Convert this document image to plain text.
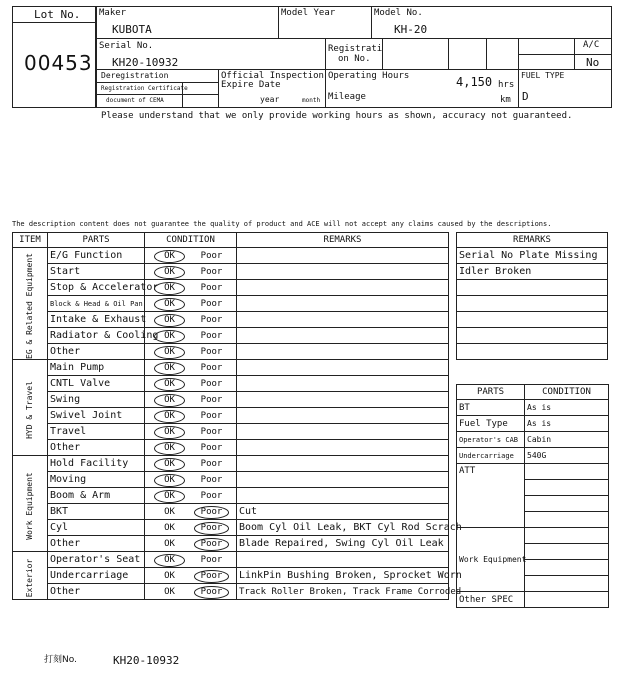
Lot No.
00453
Maker
KUBOTA
Model Year	Model No.
KH-20
Serial No.
KH20-10932
Registrati
on No.
A/C
No
Deregistration
Registration Certificate
document of CEMA
Official Inspection
Expire Date
year	month
Operating Hours	4,150 hrs
km
Mileage
FUEL TYPE
D
Please understand that we only provide working hours as shown, accuracy not guaranteed.
The description content does not guarantee the quality of product and ACE will not accept any claims caused by the descriptions.
ITEM	PARTS	CONDITION	REMARKS

EG & Related Equipment	E/G Function	OK Poor	
	Start	OK Poor	
	Stop & Accelerator	OK Poor	
	Block & Head & Oil Pan	OK Poor	
	Intake & Exhaust	OK Poor	
	Radiator & Cooling	OK Poor	
	Other	OK Poor	

HYD & Travel	Main Pump	OK Poor	
	CNTL Valve	OK Poor	
	Swing	OK Poor	
	Swivel Joint	OK Poor	
	Travel	OK Poor	
	Other	OK Poor	

Work Equipment	Hold Facility	OK Poor	
	Moving	OK Poor	
	Boom & Arm	OK Poor	
	BKT	OK Poor	Cut
	Cyl	OK Poor	Boom Cyl Oil Leak, BKT Cyl Rod Scrach
	Other	OK Poor	Blade Repaired, Swing Cyl Oil Leak

Exterior	Operator's Seat	OK Poor	
	Undercarriage	OK Poor	LinkPin Bushing Broken, Sprocket Worn
	Other	OK Poor	Track Roller Broken, Track Frame Corroded
REMARKS
Serial No Plate Missing
Idler Broken

PARTS	CONDITION
BT	As is
Fuel Type	As is
Operator's CAB	Cabin
Undercarriage	540G
ATT	

Work Equipment	

Other SPEC	
打刻No.	KH20-10932
